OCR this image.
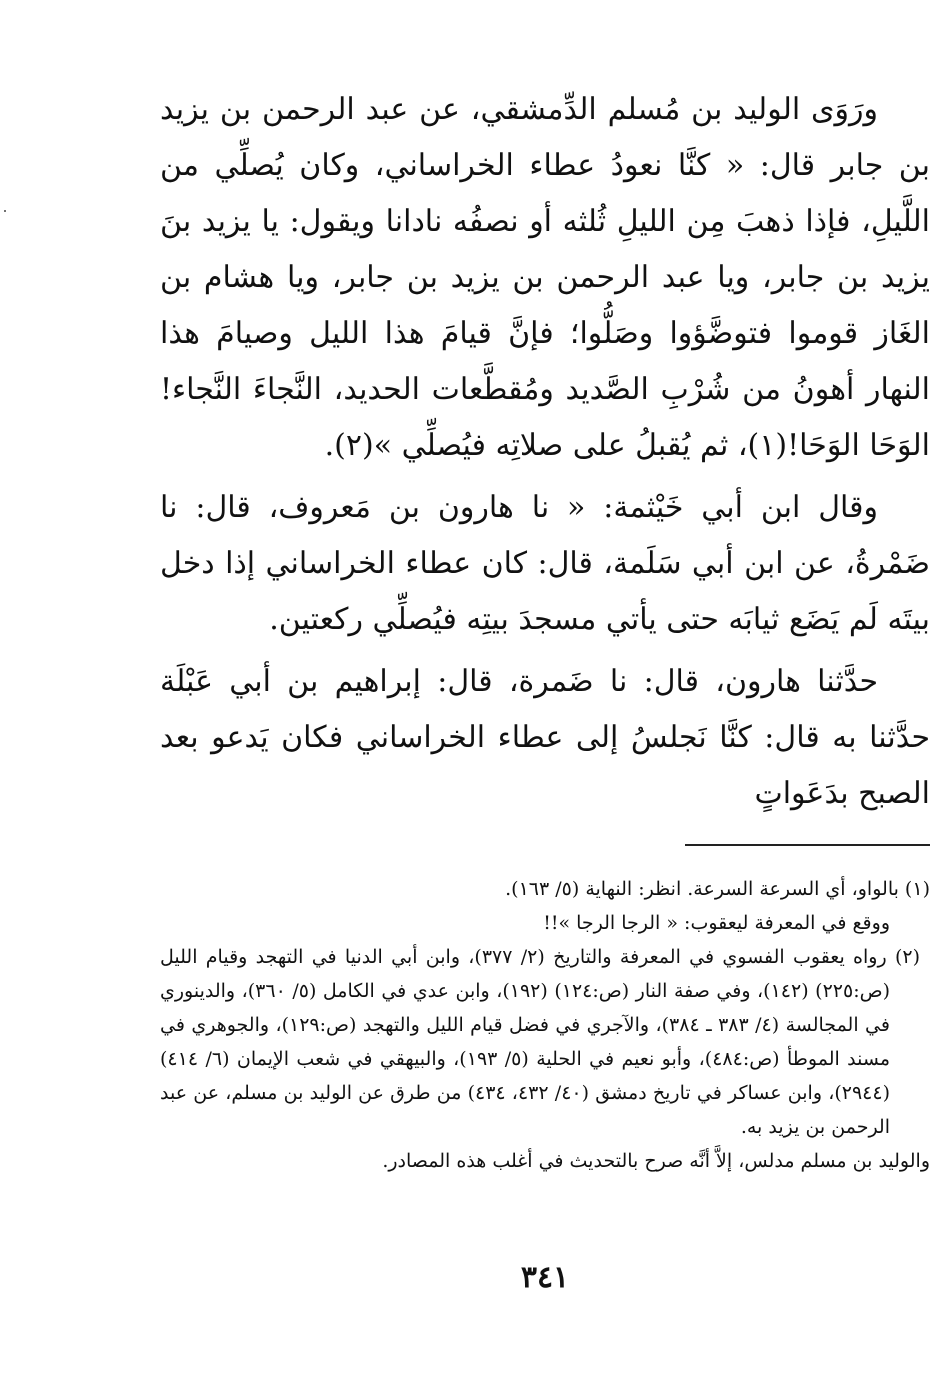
ورَوَى الوليد بن مُسلم الدِّمشقي، عن عبد الرحمن بن يزيد بن جابر قال: « كنَّا نعودُ عطاء الخراساني، وكان يُصلِّي من اللَّيلِ، فإذا ذهبَ مِن الليلِ ثُلثه أو نصفُه نادانا ويقول: يا يزيد بنَ يزيد بن جابر، ويا عبد الرحمن بن يزيد بن جابر، ويا هشام بن الغَاز قوموا فتوضَّؤوا وصَلُّوا؛ فإنَّ قيامَ هذا الليل وصيامَ هذا النهار أهونُ من شُرْبِ الصَّديد ومُقطَّعات الحديد، النَّجاءَ النَّجاء! الوَحَا الوَحَا!(١)، ثم يُقبلُ على صلاتِه فيُصلِّي »(٢).

وقال ابن أبي خَيْثمة: « نا هارون بن مَعروف، قال: نا ضَمْرةُ، عن ابن أبي سَلَمة، قال: كان عطاء الخراساني إذا دخل بيتَه لَم يَضَع ثيابَه حتى يأتي مسجدَ بيتِه فيُصلِّي ركعتين.

حدَّثنا هارون، قال: نا ضَمرة، قال: إبراهيم بن أبي عَبْلَة حدَّثنا به قال: كنَّا نَجلسُ إلى عطاء الخراساني فكان يَدعو بعد الصبح بدَعَواتٍ

(١) بالواو، أي السرعة السرعة. انظر: النهاية (٥/ ١٦٣).

ووقع في المعرفة ليعقوب: « الرجا الرجا »!!

(٢) رواه يعقوب الفسوي في المعرفة والتاريخ (٢/ ٣٧٧)، وابن أبي الدنيا في التهجد وقيام الليل (ص:٢٢٥) (١٤٢)، وفي صفة النار (ص:١٢٤) (١٩٢)، وابن عدي في الكامل (٥/ ٣٦٠)، والدينوري في المجالسة (٤/ ٣٨٣ ـ ٣٨٤)، والآجري في فضل قيام الليل والتهجد (ص:١٢٩)، والجوهري في مسند الموطأ (ص:٤٨٤)، وأبو نعيم في الحلية (٥/ ١٩٣)، والبيهقي في شعب الإيمان (٦/ ٤١٤) (٢٩٤٤)، وابن عساكر في تاريخ دمشق (٤٠/ ٤٣٢، ٤٣٤) من طرق عن الوليد بن مسلم، عن عبد الرحمن بن يزيد به.

والوليد بن مسلم مدلس، إلاَّ أنَّه صرح بالتحديث في أغلب هذه المصادر.

٣٤١
